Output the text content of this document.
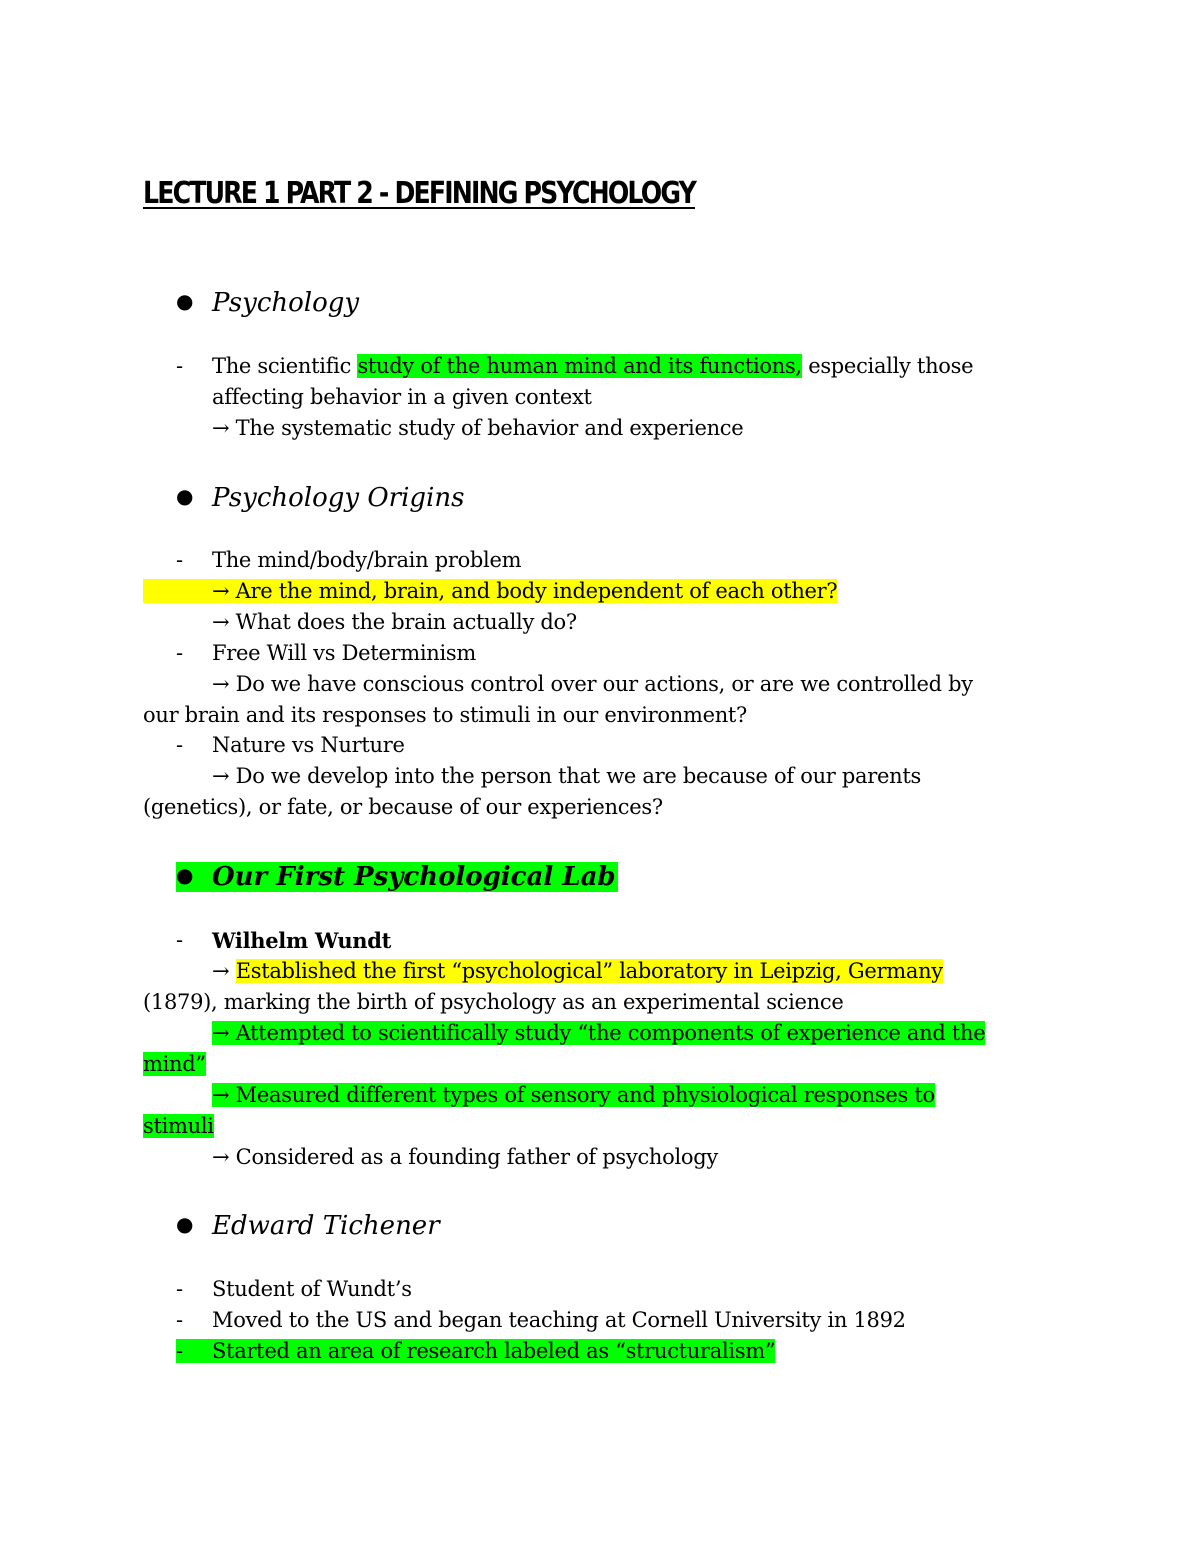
LECTURE 1 PART 2 - DEFINING PSYCHOLOGY
● Psychology
- The scientific study of the human mind and its functions, especially those
affecting behavior in a given context
→ The systematic study of behavior and experience
● Psychology Origins
- The mind/body/brain problem
→ Are the mind, brain, and body independent of each other?
→ What does the brain actually do?
- Free Will vs Determinism
→ Do we have conscious control over our actions, or are we controlled by
our brain and its responses to stimuli in our environment?
- Nature vs Nurture
→ Do we develop into the person that we are because of our parents
(genetics), or fate, or because of our experiences?
● Our First Psychological Lab
- Wilhelm Wundt
→ Established the first “psychological” laboratory in Leipzig, Germany
(1879), marking the birth of psychology as an experimental science
→ Attempted to scientifically study “the components of experience and the
mind”
→ Measured different types of sensory and physiological responses to
stimuli
→ Considered as a founding father of psychology
● Edward Tichener
- Student of Wundt’s
- Moved to the US and began teaching at Cornell University in 1892
- Started an area of research labeled as “structuralism”
